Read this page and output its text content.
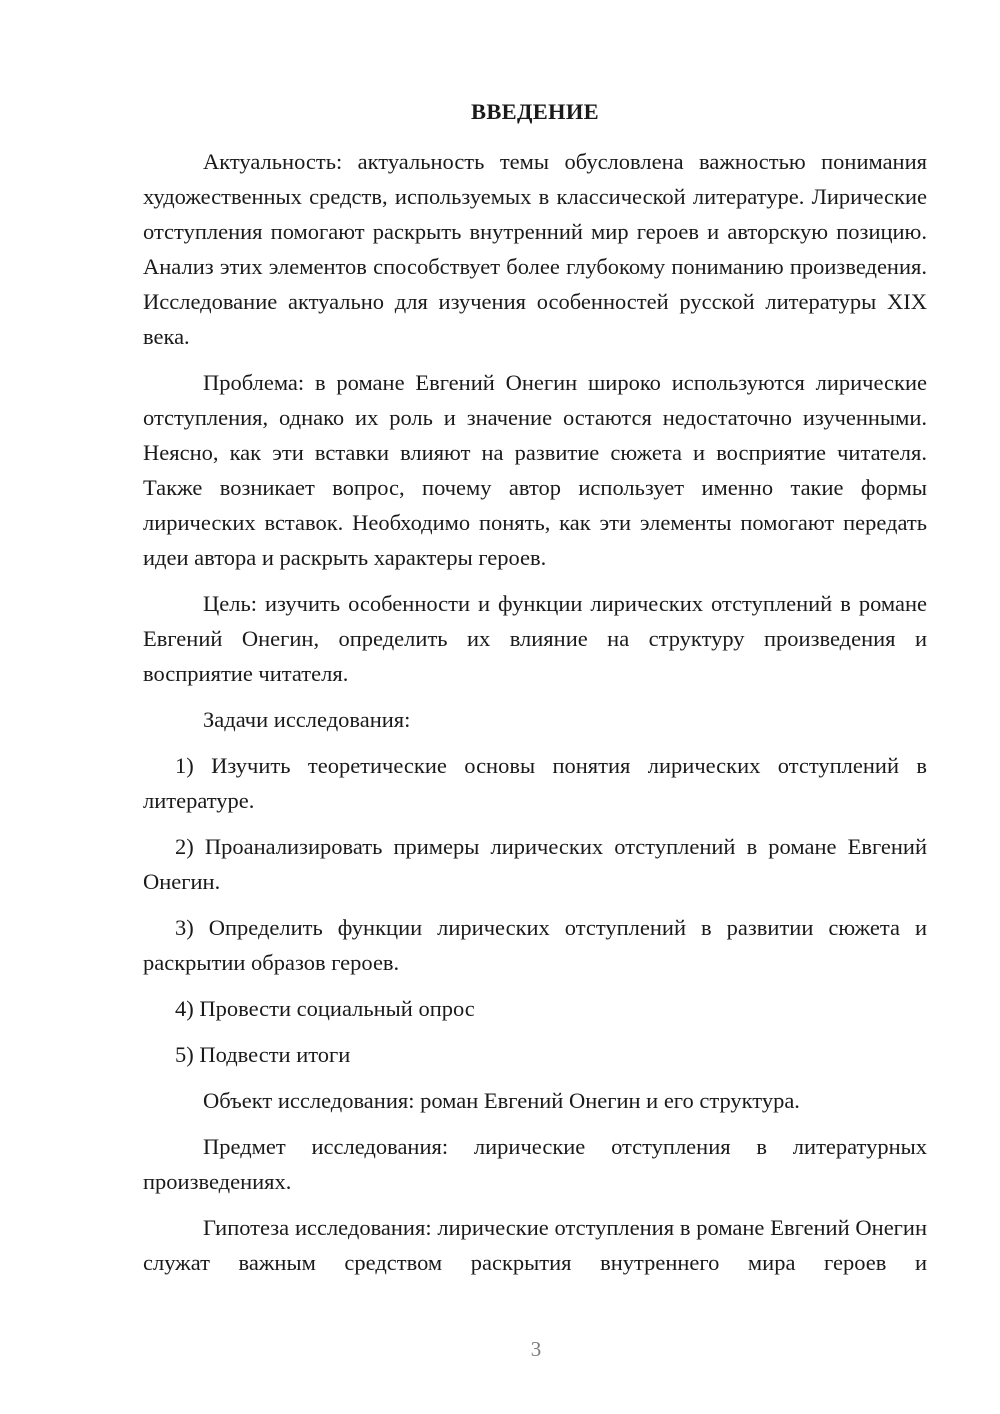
ВВЕДЕНИЕ

Актуальность: актуальность темы обусловлена важностью понимания художественных средств, используемых в классической литературе. Лирические отступления помогают раскрыть внутренний мир героев и авторскую позицию. Анализ этих элементов способствует более глубокому пониманию произведения. Исследование актуально для изучения особенностей русской литературы XIX века.

Проблема: в романе Евгений Онегин широко используются лирические отступления, однако их роль и значение остаются недостаточно изученными. Неясно, как эти вставки влияют на развитие сюжета и восприятие читателя. Также возникает вопрос, почему автор использует именно такие формы лирических вставок. Необходимо понять, как эти элементы помогают передать идеи автора и раскрыть характеры героев.

Цель: изучить особенности и функции лирических отступлений в романе Евгений Онегин, определить их влияние на структуру произведения и восприятие читателя.

Задачи исследования:

1) Изучить теоретические основы понятия лирических отступлений в литературе.

2) Проанализировать примеры лирических отступлений в романе Евгений Онегин.

3) Определить функции лирических отступлений в развитии сюжета и раскрытии образов героев.

4) Провести социальный опрос

5) Подвести итоги

Объект исследования: роман Евгений Онегин и его структура.

Предмет исследования: лирические отступления в литературных произведениях.

Гипотеза исследования: лирические отступления в романе Евгений Онегин служат важным средством раскрытия внутреннего мира героев и

3
